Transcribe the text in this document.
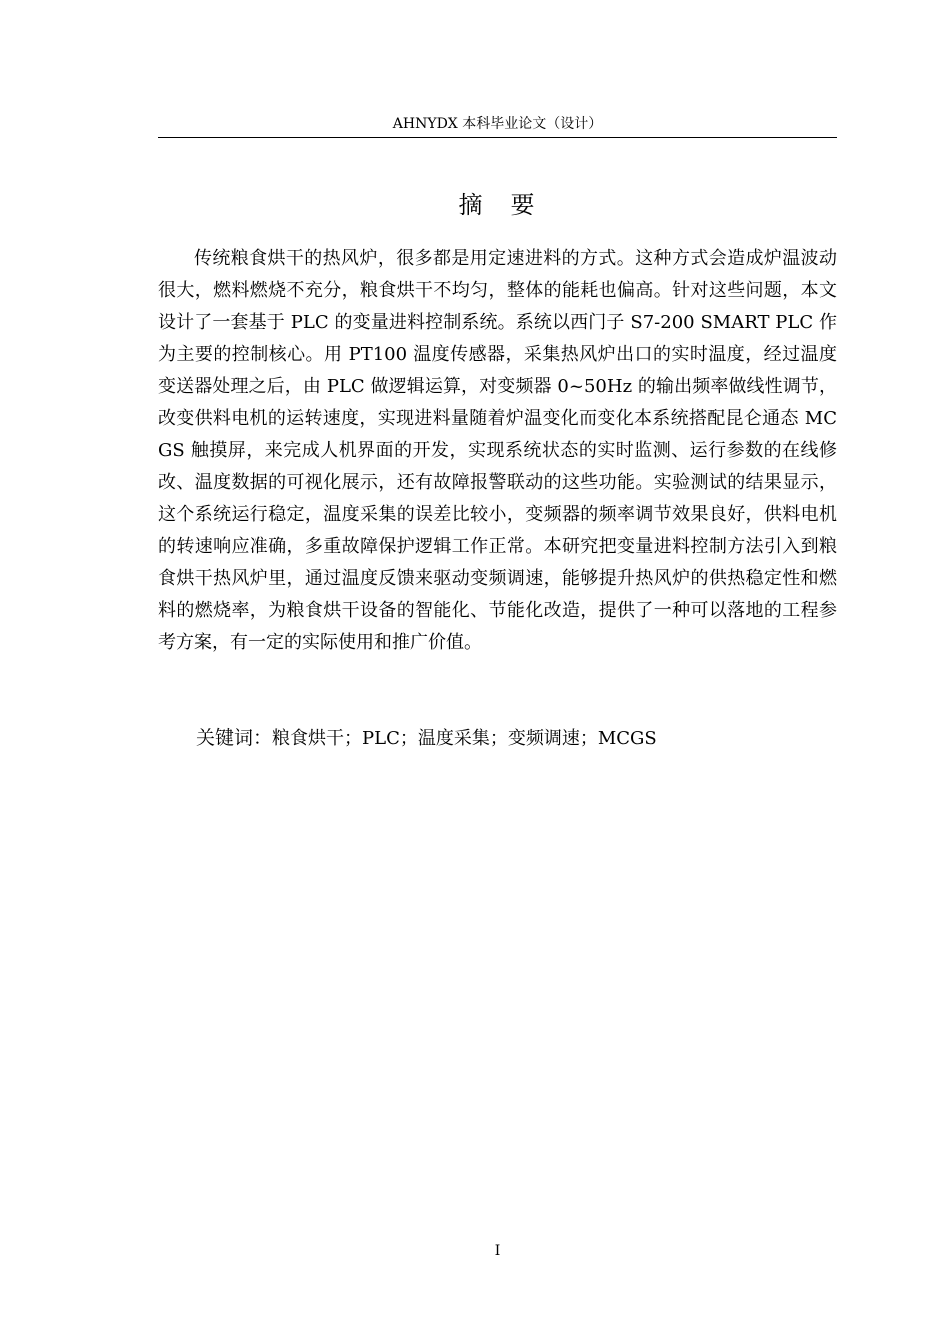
AHNYDX 本科毕业论文（设计）
摘　要

传统粮食烘干的热风炉，很多都是用定速进料的方式。这种方式会造成炉温波动很大，燃料燃烧不充分，粮食烘干不均匀，整体的能耗也偏高。针对这些问题，本文设计了一套基于 PLC 的变量进料控制系统。系统以西门子 S7-200 SMART PLC 作为主要的控制核心。用 PT100 温度传感器，采集热风炉出口的实时温度，经过温度变送器处理之后，由 PLC 做逻辑运算，对变频器 0~50Hz 的输出频率做线性调节，改变供料电机的运转速度，实现进料量随着炉温变化而变化本系统搭配昆仑通态 MCGS 触摸屏，来完成人机界面的开发，实现系统状态的实时监测、运行参数的在线修改、温度数据的可视化展示，还有故障报警联动的这些功能。实验测试的结果显示，这个系统运行稳定，温度采集的误差比较小，变频器的频率调节效果良好，供料电机的转速响应准确，多重故障保护逻辑工作正常。本研究把变量进料控制方法引入到粮食烘干热风炉里，通过温度反馈来驱动变频调速，能够提升热风炉的供热稳定性和燃料的燃烧率，为粮食烘干设备的智能化、节能化改造，提供了一种可以落地的工程参考方案，有一定的实际使用和推广价值。

关键词：粮食烘干；PLC；温度采集；变频调速；MCGS
I
